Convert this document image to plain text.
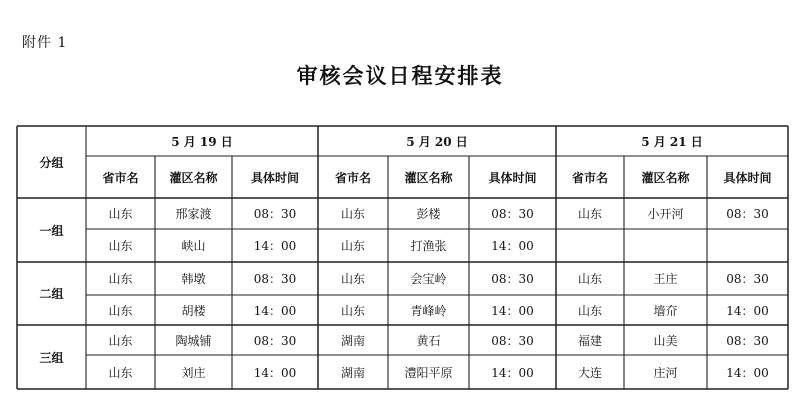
附件 1
审核会议日程安排表
分组
5 月 19 日
省市名	灌区名称	具体时间
5 月 20 日
省市名	灌区名称	具体时间
5 月 21 日
省市名	灌区名称	具体时间
一组
山东	邢家渡	08：30	山东	彭楼	08：30	山东	小开河	08：30
山东	峡山	14：00	山东	打渔张	14：00
二组
山东	韩墩	08：30	山东	会宝岭	08：30	山东	王庄	08：30
山东	胡楼	14：00	山东	青峰岭	14：00	山东	墙夼	14：00
三组
山东	陶城铺	08：30	湖南	黄石	08：30	福建	山美	08：30
山东	刘庄	14：00	湖南	澧阳平原	14：00	大连	庄河	14：00
